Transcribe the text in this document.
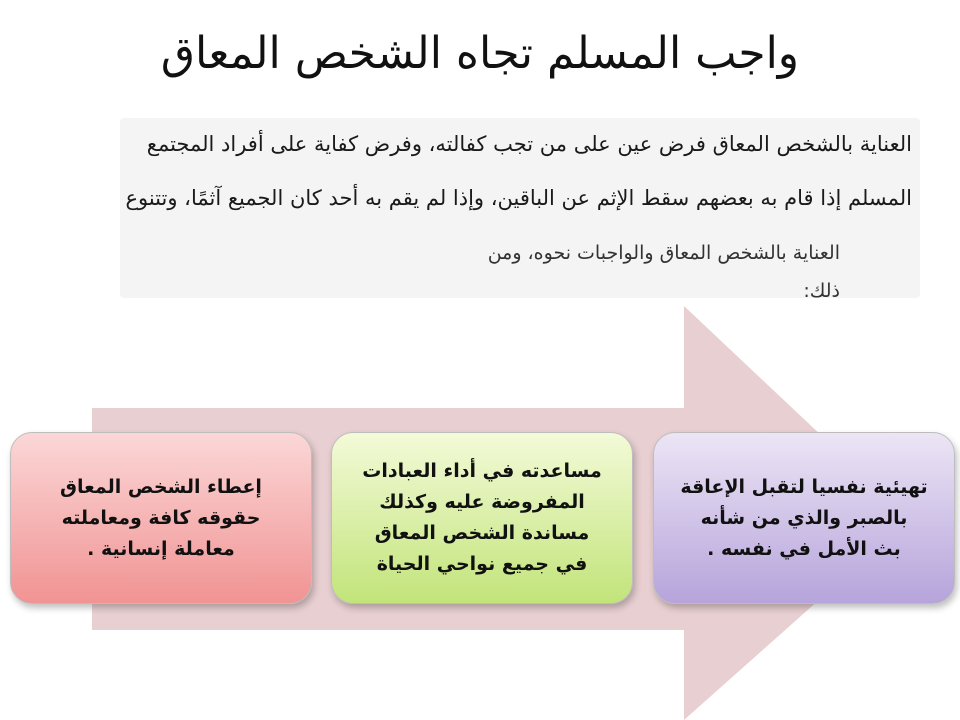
واجب المسلم تجاه الشخص المعاق
العناية بالشخص المعاق فرض عين على من تجب كفالته، وفرض كفاية على أفراد المجتمع
المسلم إذا قام به بعضهم سقط الإثم عن الباقين، وإذا لم يقم به أحد كان الجميع آثمًا، وتتنوع
العناية بالشخص المعاق والواجبات نحوه، ومن
ذلك:
إعطاء الشخص المعاق
حقوقه كافة ومعاملته
معاملة إنسانية .
مساعدته في أداء العبادات
المفروضة عليه وكذلك
مساندة الشخص المعاق
في جميع نواحي الحياة
تهيئية نفسيا لتقبل الإعاقة
بالصبر والذي من شأنه
بث الأمل في نفسه .
